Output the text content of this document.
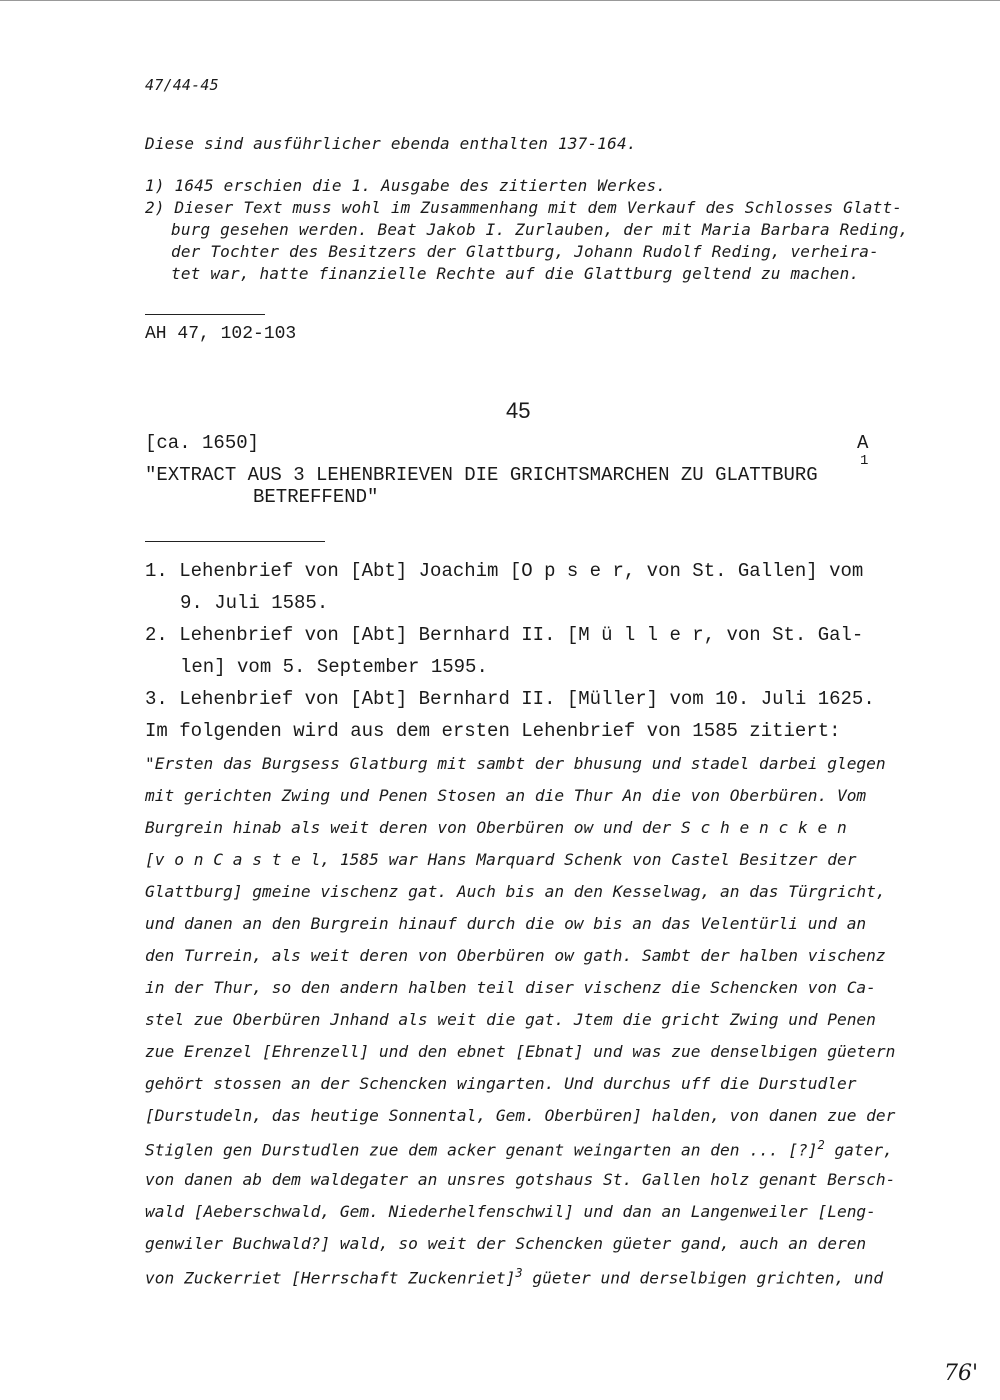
47/44-45
Diese sind ausführlicher ebenda enthalten 137-164.
1) 1645 erschien die 1. Ausgabe des zitierten Werkes.
2) Dieser Text muss wohl im Zusammenhang mit dem Verkauf des Schlosses Glatt-
burg gesehen werden. Beat Jakob I. Zurlauben, der mit Maria Barbara Reding,
der Tochter des Besitzers der Glattburg, Johann Rudolf Reding, verheira-
tet war, hatte finanzielle Rechte auf die Glattburg geltend zu machen.
AH 47, 102-103
45
[ca. 1650]	A
"EXTRACT AUS 3 LEHENBRIEVEN DIE GRICHTSMARCHEN ZU GLATTBURG
1
BETREFFEND"
1. Lehenbrief von [Abt] Joachim [O p s e r, von St. Gallen] vom
9. Juli 1585.
2. Lehenbrief von [Abt] Bernhard II. [M ü l l e r, von St. Gal-
len] vom 5. September 1595.
3. Lehenbrief von [Abt] Bernhard II. [Müller] vom 10. Juli 1625.
Im folgenden wird aus dem ersten Lehenbrief von 1585 zitiert:
"Ersten das Burgsess Glatburg mit sambt der bhusung und stadel darbei glegen
mit gerichten Zwing und Penen Stosen an die Thur An die von Oberbüren. Vom
Burgrein hinab als weit deren von Oberbüren ow und der S c h e n c k e n
[v o n C a s t e l, 1585 war Hans Marquard Schenk von Castel Besitzer der
Glattburg] gmeine vischenz gat. Auch bis an den Kesselwag, an das Türgricht,
und danen an den Burgrein hinauf durch die ow bis an das Velentürli und an
den Turrein, als weit deren von Oberbüren ow gath. Sambt der halben vischenz
in der Thur, so den andern halben teil diser vischenz die Schencken von Ca-
stel zue Oberbüren Jnhand als weit die gat. Jtem die gricht Zwing und Penen
zue Erenzel [Ehrenzell] und den ebnet [Ebnat] und was zue denselbigen güetern
gehört stossen an der Schencken wingarten. Und durchus uff die Durstudler
[Durstudeln, das heutige Sonnental, Gem. Oberbüren] halden, von danen zue der
Stiglen gen Durstudlen zue dem acker genant weingarten an den ... [?]$^2$ gater,
von danen ab dem waldegater an unsres gotshaus St. Gallen holz genant Bersch-
wald [Aeberschwald, Gem. Niederhelfenschwil] und dan an Langenweiler [Leng-
genwiler Buchwald?] wald, so weit der Schencken güeter gand, auch an deren
von Zuckerriet [Herrschaft Zuckenriet]$^3$ güeter und derselbigen grichten, und
76'
